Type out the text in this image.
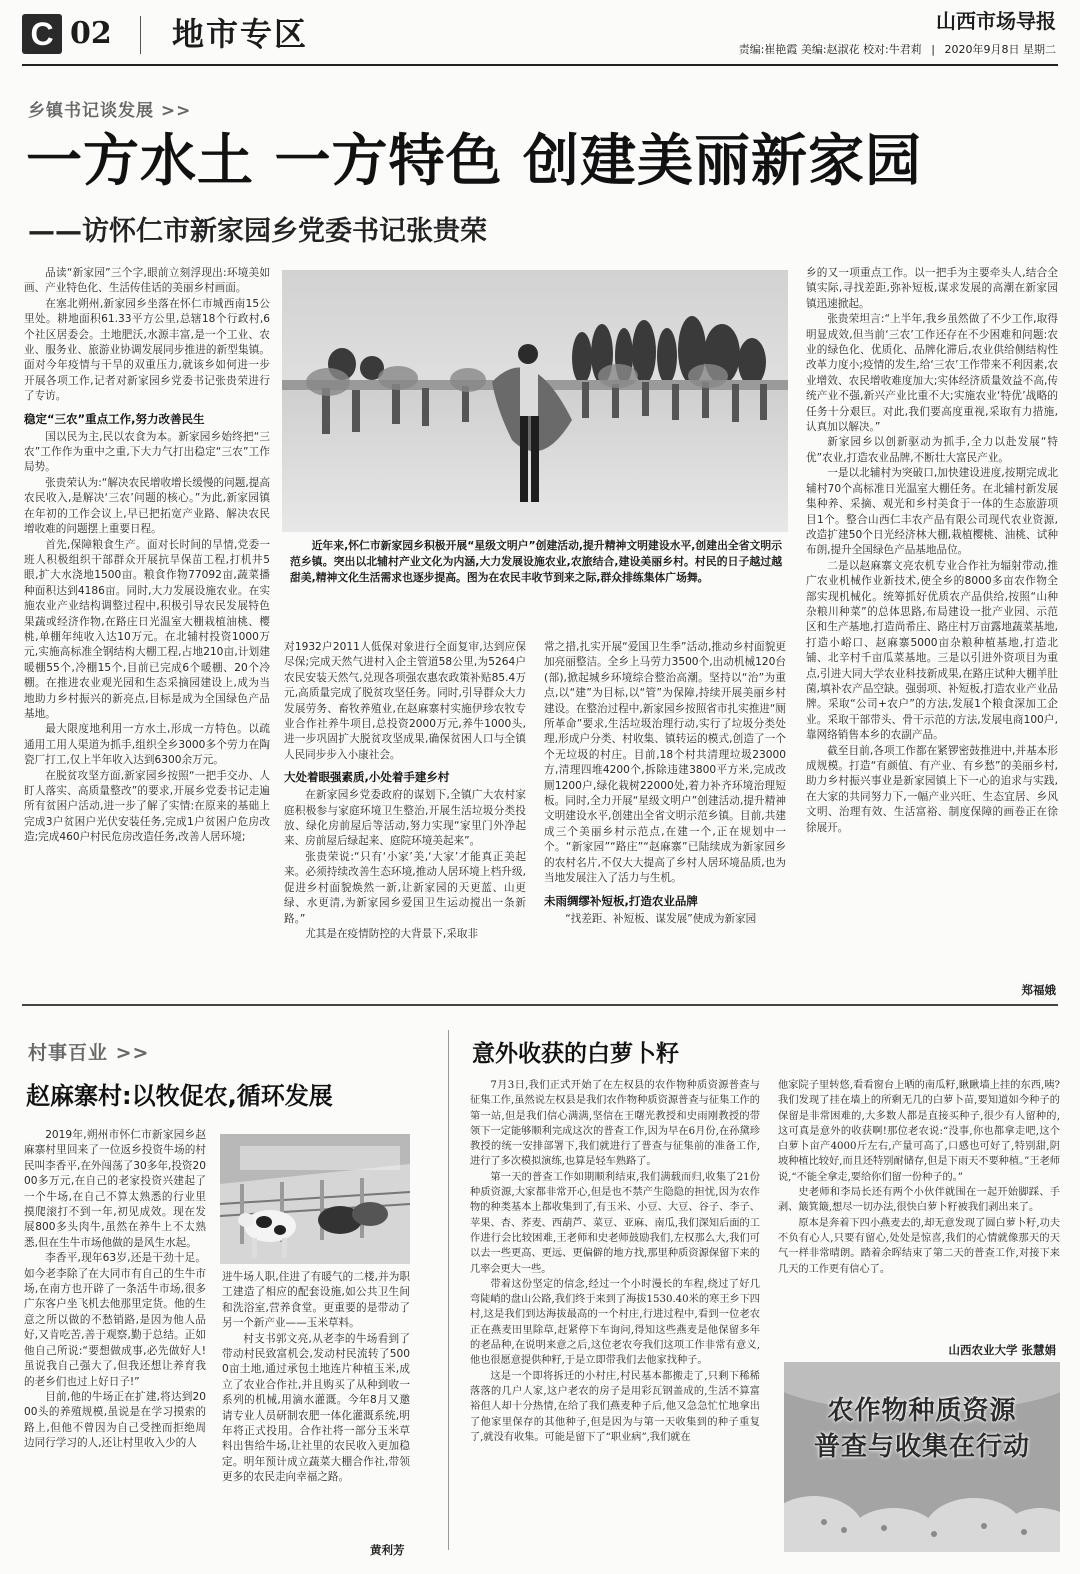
C 02 地市专区	山西市场导报
责编:崔艳霞 美编:赵淑花 校对:牛君莉 | 2020年9月8日 星期二
乡镇书记谈发展 >>
一方水土 一方特色 创建美丽新家园
——访怀仁市新家园乡党委书记张贵荣

品读“新家园”三个字,眼前立刻浮现出:环境美如画、产业特色化、生活传佳话的美丽乡村画面。

在塞北朔州,新家园乡坐落在怀仁市城西南15公里处。耕地面积61.33平方公里,总辖18个行政村,6个社区居委会。土地肥沃,水源丰富,是一个工业、农业、服务业、旅游业协调发展同步推进的新型集镇。面对今年疫情与干旱的双重压力,就该乡如何进一步开展各项工作,记者对新家园乡党委书记张贵荣进行了专访。

稳定“三农”重点工作,努力改善民生

国以民为主,民以农食为本。新家园乡始终把“三农”工作作为重中之重,下大力气打出稳定“三农”工作局势。

张贵荣认为:“解决农民增收增长缓慢的问题,提高农民收入,是解决‘三农’问题的核心。”为此,新家园镇在年初的工作会议上,早已把拓宽产业路、解决农民增收难的问题摆上重要日程。

首先,保障粮食生产。面对长时间的旱情,党委一班人积极组织干部群众开展抗旱保苗工程,打机井5眼,扩大水浇地1500亩。粮食作物77092亩,蔬菜播种面积达到4186亩。同时,大力发展设施农业。在实施农业产业结构调整过程中,积极引导农民发展特色果蔬或经济作物,在路庄日光温室大棚栽植油桃、樱桃,单棚年纯收入达10万元。在北辅村投资1000万元,实施高标准全钢结构大棚工程,占地210亩,计划建暖棚55个,冷棚15个,目前已完成6个暖棚、20个冷棚。在推进农业观光园和生态采摘园建设上,成为当地助力乡村振兴的新亮点,目标是成为全国绿色产品基地。

最大限度地利用一方水土,形成一方特色。以疏通用工用人渠道为抓手,组织全乡3000多个劳力在陶瓷厂打工,仅上半年收入达到6300余万元。

在脱贫攻坚方面,新家园乡按照“一把手交办、人盯人落实、高质量整改”的要求,开展乡党委书记走遍所有贫困户活动,进一步了解了实情:在原来的基础上完成3户贫困户光伏安装任务,完成1户贫困户危房改造;完成460户村民危房改造任务,改善人居环境;

近年来,怀仁市新家园乡积极开展“星级文明户”创建活动,提升精神文明建设水平,创建出全省文明示范乡镇。突出以北辅村产业文化为内涵,大力发展设施农业,农旅结合,建设美丽乡村。村民的日子越过越甜美,精神文化生活需求也逐步提高。图为在农民丰收节到来之际,群众排练集体广场舞。

对1932户2011人低保对象进行全面复审,达到应保尽保;完成天然气进村入企主管道58公里,为5264户农民安装天然气,兑现各项强农惠农政策补贴85.4万元,高质量完成了脱贫攻坚任务。同时,引导群众大力发展劳务、畜牧养殖业,在赵麻寨村实施伊珍农牧专业合作社养牛项目,总投资2000万元,养牛1000头,进一步巩固扩大脱贫攻坚成果,确保贫困人口与全镇人民同步步入小康社会。

大处着眼强素质,小处着手建乡村

在新家园乡党委政府的谋划下,全镇广大农村家庭积极参与家庭环境卫生整治,开展生活垃圾分类投放、绿化房前屋后等活动,努力实现“家里门外净起来、房前屋后绿起来、庭院环境美起来”。

张贵荣说:“只有‘小家’美,‘大家’才能真正美起来。必须持续改善生态环境,推动人居环境上档升级,促进乡村面貌焕然一新,让新家园的天更蓝、山更绿、水更清,为新家园乡爱国卫生运动搅出一条新路。”

尤其是在疫情防控的大背景下,采取非

常之措,扎实开展“爱国卫生季”活动,推动乡村面貌更加亮丽整洁。全乡上马劳力3500个,出动机械120台(部),掀起城乡环境综合整治高潮。坚持以“治”为重点,以“建”为目标,以“管”为保障,持续开展美丽乡村建设。在整治过程中,新家园乡按照省市扎实推进“厕所革命”要求,生活垃圾治理行动,实行了垃圾分类处理,形成户分类、村收集、镇转运的模式,创造了一个个无垃圾的村庄。目前,18个村共清理垃圾23000方,清理四堆4200个,拆除违建3800平方米,完成改厕1200户,绿化栽树22000处,着力补齐环境治理短板。同时,全力开展“星级文明户”创建活动,提升精神文明建设水平,创建出全省文明示范乡镇。目前,共建成三个美丽乡村示范点,在建一个,正在规划中一个。“新家园”“路庄”“赵麻寨”已陆续成为新家园乡的农村名片,不仅大大提高了乡村人居环境品质,也为当地发展注入了活力与生机。

未雨绸缪补短板,打造农业品牌

“找差距、补短板、谋发展”使成为新家园

乡的又一项重点工作。以一把手为主要牵头人,结合全镇实际,寻找差距,弥补短板,谋求发展的高潮在新家园镇迅速掀起。

张贵荣坦言:“上半年,我乡虽然做了不少工作,取得明显成效,但当前‘三农’工作还存在不少困难和问题:农业的绿色化、优质化、品牌化滞后,农业供给侧结构性改革力度小;疫情的发生,给‘三农’工作带来不利因素,农业增效、农民增收难度加大;实体经济质量效益不高,传统产业不强,新兴产业比重不大;实施农业‘特优’战略的任务十分艰巨。对此,我们要高度重视,采取有力措施,认真加以解决。”

新家园乡以创新驱动为抓手,全力以赴发展“特优”农业,打造农业品牌,不断壮大富民产业。

一是以北辅村为突破口,加快建设进度,按期完成北辅村70个高标准日光温室大棚任务。在北辅村新发展集种养、采摘、观光和乡村美食于一体的生态旅游项目1个。整合山西仁丰农产品有限公司现代农业资源,改造扩建50个日光经济林大棚,栽植樱桃、油桃、试种布朗,提升全国绿色产品基地品位。

二是以赵麻寨文亮农机专业合作社为辐射带动,推广农业机械作业新技术,使全乡的8000多亩农作物全部实现机械化。统筹抓好优质农产品供给,按照“山种杂粮川种菜”的总体思路,布局建设一批产业园、示范区和生产基地,打造尚希庄、路庄村万亩露地蔬菜基地,打造小峪口、赵麻寨5000亩杂粮种植基地,打造北铺、北辛村千亩瓜菜基地。三是以引进外资项目为重点,引进大同大学农业科技新成果,在路庄试种大棚羊肚菌,填补农产品空缺。强弱项、补短板,打造农业产业品牌。采取“公司+农户”的方法,发展1个粮食深加工企业。采取干部带头、骨干示范的方法,发展电商100户,靠网络销售本乡的农副产品。

截至目前,各项工作都在紧锣密鼓推进中,并基本形成规模。打造“有颜值、有产业、有乡愁”的美丽乡村,助力乡村振兴事业是新家园镇上下一心的追求与实践,在大家的共同努力下,一幅产业兴旺、生态宜居、乡风文明、治理有效、生活富裕、制度保障的画卷正在徐徐展开。

郑福娥
村事百业 >>
赵麻寨村:以牧促农,循环发展

2019年,朔州市怀仁市新家园乡赵麻寨村里回来了一位返乡投资牛场的村民叫李香平,在外闯荡了30多年,投资2000多万元,在自己的老家投资兴建起了一个牛场,在自己不算太熟悉的行业里摸爬滚打不到一年,初见成效。现在发展800多头肉牛,虽然在养牛上不太熟悉,但在生牛市场他做的是风生水起。

李香平,现年63岁,还是干劲十足。如今老李除了在大同市有自己的生牛市场,在南方也开辟了一条活牛市场,很多广东客户坐飞机去他那里定货。他的生意之所以做的不愁销路,是因为他人品好,又肯吃苦,善于观察,勤于总结。正如他自己所说:“要想做成事,必先做好人!虽说我自己强大了,但我还想让养育我的老乡们也过上好日子!”

目前,他的牛场正在扩建,将达到2000头的养殖规模,虽说是在学习摸索的路上,但他不曾因为自己受挫而拒绝周边同行学习的人,还让村里收入少的人

进牛场人职,住进了有暖气的二楼,并为职工建造了相应的配套设施,如公共卫生间和洗浴室,营养食堂。更重要的是带动了另一个新产业——玉米草料。

村支书郭文亮,从老李的牛场看到了带动村民致富机会,发动村民流转了5000亩土地,通过承包土地连片种植玉米,成立了农业合作社,并且购买了从种到收一系列的机械,用滴水灌溉。今年8月又邀请专业人员研制农肥一体化灌溉系统,明年将正式投用。合作社将一部分玉米草料出售给牛场,让社里的农民收入更加稳定。明年预计成立蔬菜大棚合作社,带领更多的农民走向幸福之路。

黄利芳
意外收获的白萝卜籽

7月3日,我们正式开始了在左权县的农作物种质资源普查与征集工作,虽然说左权县是我们农作物种质资源普查与征集工作的第一站,但是我们信心满满,坚信在王曙光教授和史雨刚教授的带领下一定能够顺利完成这次的普查工作,因为早在6月份,在孙黛珍教授的统一安排部署下,我们就进行了普查与征集前的准备工作,进行了多次模拟演练,也算是轻车熟路了。

第一天的普查工作如期顺利结束,我们满载而归,收集了21份种质资源,大家都非常开心,但是也不禁产生隐隐的担忧,因为农作物的种类基本上都收集到了,有玉米、小豆、大豆、谷子、李子、苹果、杏、荞麦、西葫芦、菜豆、亚麻、南瓜,我们深知后面的工作进行会比较困难,王老师和史老师鼓励我们,左权那么大,我们可以去一些更高、更远、更偏僻的地方找,那里种质资源保留下来的几率会更大一些。

带着这份坚定的信念,经过一个小时漫长的车程,绕过了好几弯陡峭的盘山公路,我们终于来到了海拔1530.40米的寒王乡下四村,这是我们到达海拔最高的一个村庄,行进过程中,看到一位老农正在燕麦田里除草,赶紧停下车询问,得知这些燕麦是他保留多年的老品种,在说明来意之后,这位老农夸我们这项工作非常有意义,他也很愿意提供种籽,于是立即带我们去他家找种子。

这是一个即将拆迁的小村庄,村民基本都搬走了,只剩下稀稀落落的几户人家,这户老农的房子是用彩瓦钢盖成的,生活不算富裕但人却十分热情,在给了我们燕麦种子后,他又急急忙忙地拿出了他家里保存的其他种子,但是因为与第一天收集到的种子重复了,就没有收集。可能是留下了“职业病”,我们就在

他家院子里转悠,看看窗台上晒的南瓜籽,瞅瞅墙上挂的东西,咦?我们发现了挂在墙上的所剩无几的白萝卜苗,要知道如今种子的保留是非常困难的,大多数人都是直接买种子,很少有人留种的,这可真是意外的收获啊!那位老农说:“没事,你也都拿走吧,这个白萝卜亩产4000斤左右,产量可高了,口感也可好了,特别甜,阴坡种植比较好,而且还特别耐储存,但是下雨天不要种植。”王老师说,“不能全拿走,要给你们留一份种子的。”

史老师和李局长还有两个小伙伴就围在一起开始脚踩、手剥、簸箕簸,想尽一切办法,很快白萝卜籽被我们剥出来了。

原本是奔着下四小燕麦去的,却无意发现了圆白萝卜籽,功夫不负有心人,只要有留心,处处是惊喜,我们的心情就像那天的天气一样非常晴朗。踏着余晖结束了第二天的普查工作,对接下来几天的工作更有信心了。

山西农业大学 张慧娟
农作物种质资源
普查与收集在行动
